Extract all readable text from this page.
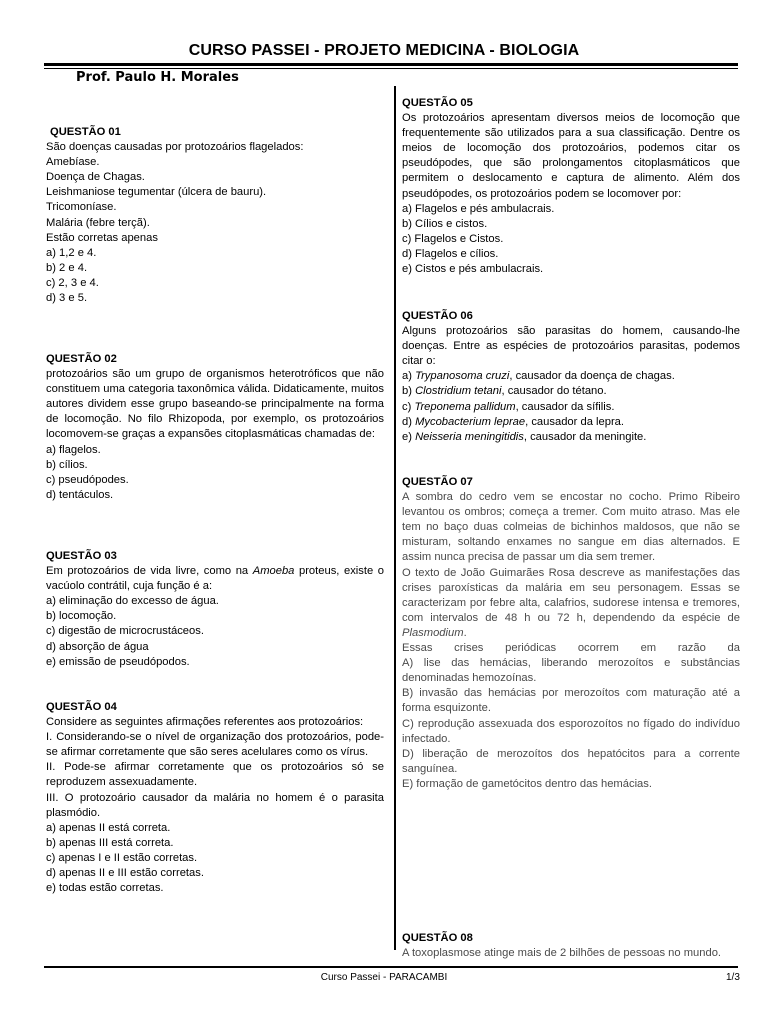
CURSO PASSEI - PROJETO MEDICINA - BIOLOGIA
Prof. Paulo H. Morales
QUESTÃO 01
São doenças causadas por protozoários flagelados:
Amebíase.
Doença de Chagas.
Leishmaniose tegumentar (úlcera de bauru).
Tricomoníase.
Malária (febre terçã).
Estão corretas apenas
a) 1,2 e 4.
b) 2 e 4.
c) 2, 3 e 4.
d) 3 e 5.
QUESTÃO 02
protozoários são um grupo de organismos heterotróficos que não constituem uma categoria taxonômica válida. Didaticamente, muitos autores dividem esse grupo baseando-se principalmente na forma de locomoção. No filo Rhizopoda, por exemplo, os protozoários locomovem-se graças a expansões citoplasmáticas chamadas de:
a) flagelos.
b) cílios.
c) pseudópodes.
d) tentáculos.
QUESTÃO 03
Em protozoários de vida livre, como na Amoeba proteus, existe o vacúolo contrátil, cuja função é a:
a) eliminação do excesso de água.
b) locomoção.
c) digestão de microcrustáceos.
d) absorção de água
e) emissão de pseudópodos.
QUESTÃO 04
Considere as seguintes afirmações referentes aos protozoários:
I. Considerando-se o nível de organização dos protozoários, pode-se afirmar corretamente que são seres acelulares como os vírus.
II. Pode-se afirmar corretamente que os protozoários só se reproduzem assexuadamente.
III. O protozoário causador da malária no homem é o parasita plasmódio.
a) apenas II está correta.
b) apenas III está correta.
c) apenas I e II estão corretas.
d) apenas II e III estão corretas.
e) todas estão corretas.
QUESTÃO 05
Os protozoários apresentam diversos meios de locomoção que frequentemente são utilizados para a sua classificação. Dentre os meios de locomoção dos protozoários, podemos citar os pseudópodes, que são prolongamentos citoplasmáticos que permitem o deslocamento e captura de alimento. Além dos pseudópodes, os protozoários podem se locomover por:
a) Flagelos e pés ambulacrais.
b) Cílios e cistos.
c) Flagelos e Cistos.
d) Flagelos e cílios.
e) Cistos e pés ambulacrais.
QUESTÃO 06
Alguns protozoários são parasitas do homem, causando-lhe doenças. Entre as espécies de protozoários parasitas, podemos citar o:
a) Trypanosoma cruzi, causador da doença de chagas.
b) Clostridium tetani, causador do tétano.
c) Treponema pallidum, causador da sífilis.
d) Mycobacterium leprae, causador da lepra.
e) Neisseria meningitidis, causador da meningite.
QUESTÃO 07
A sombra do cedro vem se encostar no cocho. Primo Ribeiro levantou os ombros; começa a tremer. Com muito atraso. Mas ele tem no baço duas colmeias de bichinhos maldosos, que não se misturam, soltando enxames no sangue em dias alternados. E assim nunca precisa de passar um dia sem tremer.
O texto de João Guimarães Rosa descreve as manifestações das crises paroxísticas da malária em seu personagem. Essas se caracterizam por febre alta, calafrios, sudorese intensa e tremores, com intervalos de 48 h ou 72 h, dependendo da espécie de Plasmodium.
Essas crises periódicas ocorrem em razão da
A) lise das hemácias, liberando merozoítos e substâncias denominadas hemozoínas.
B) invasão das hemácias por merozoítos com maturação até a forma esquizonte.
C) reprodução assexuada dos esporozoítos no fígado do indivíduo infectado.
D) liberação de merozoítos dos hepatócitos para a corrente sanguínea.
E) formação de gametócitos dentro das hemácias.
QUESTÃO 08
A toxoplasmose atinge mais de 2 bilhões de pessoas no mundo.
Curso Passei - PARACAMBI	1/3
